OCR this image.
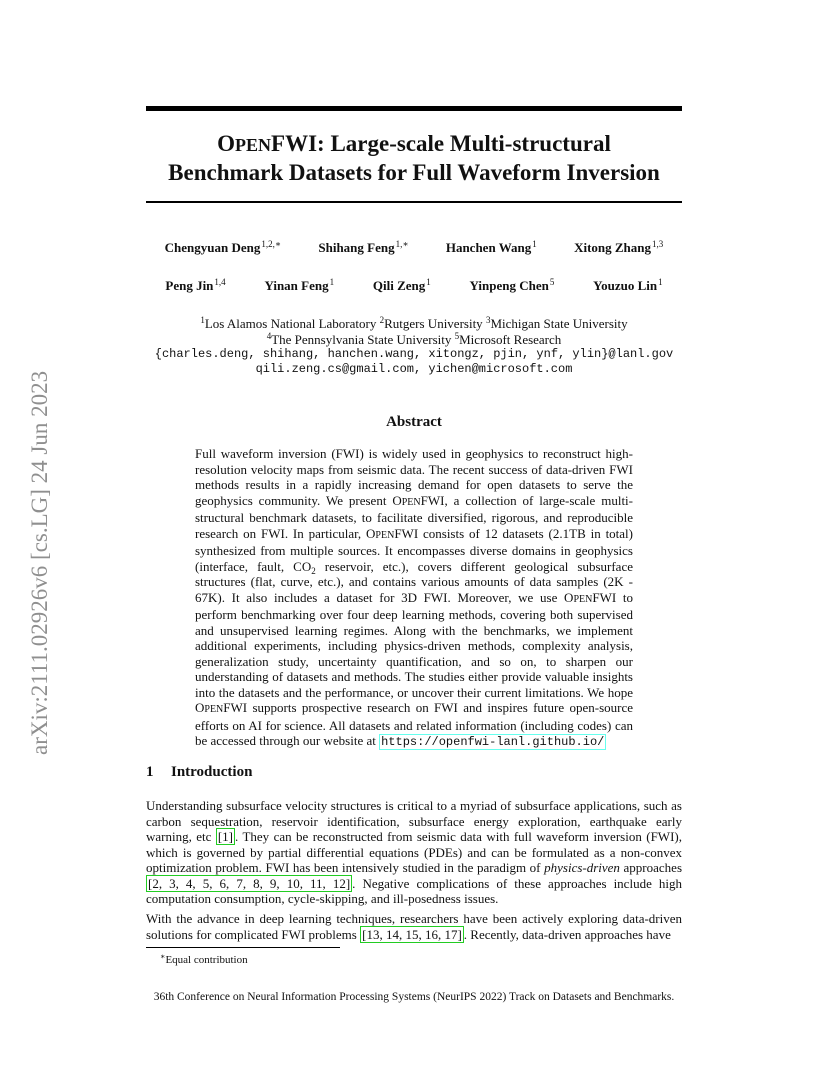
arXiv:2111.02926v6 [cs.LG] 24 Jun 2023
OPENFWI: Large-scale Multi-structural
Benchmark Datasets for Full Waveform Inversion
Chengyuan Deng$^{1,2,∗}$	Shihang Feng$^{1,∗}$	Hanchen Wang$^1$	Xitong Zhang$^{1,3}$
Peng Jin$^{1,4}$	Yinan Feng$^1$	Qili Zeng$^1$	Yinpeng Chen$^5$	Youzuo Lin$^1$
$^1$Los Alamos National Laboratory $^2$Rutgers University $^3$Michigan State University
$^4$The Pennsylvania State University $^5$Microsoft Research
{charles.deng, shihang, hanchen.wang, xitongz, pjin, ynf, ylin}@lanl.gov
qili.zeng.cs@gmail.com, yichen@microsoft.com
Abstract
Full waveform inversion (FWI) is widely used in geophysics to reconstruct high-resolution velocity maps from seismic data. The recent success of data-driven FWI methods results in a rapidly increasing demand for open datasets to serve the geophysics community. We present OPENFWI, a collection of large-scale multi-structural benchmark datasets, to facilitate diversified, rigorous, and reproducible research on FWI. In particular, OPENFWI consists of 12 datasets (2.1TB in total) synthesized from multiple sources. It encompasses diverse domains in geophysics (interface, fault, $CO_2$ reservoir, etc.), covers different geological subsurface structures (flat, curve, etc.), and contains various amounts of data samples (2K - 67K). It also includes a dataset for 3D FWI. Moreover, we use OPENFWI to perform benchmarking over four deep learning methods, covering both supervised and unsupervised learning regimes. Along with the benchmarks, we implement additional experiments, including physics-driven methods, complexity analysis, generalization study, uncertainty quantification, and so on, to sharpen our understanding of datasets and methods. The studies either provide valuable insights into the datasets and the performance, or uncover their current limitations. We hope OPENFWI supports prospective research on FWI and inspires future open-source efforts on AI for science. All datasets and related information (including codes) can be accessed through our website at https://openfwi-lanl.github.io/
1 Introduction
Understanding subsurface velocity structures is critical to a myriad of subsurface applications, such as carbon sequestration, reservoir identification, subsurface energy exploration, earthquake early warning, etc [1] . They can be reconstructed from seismic data with full waveform inversion (FWI), which is governed by partial differential equations (PDEs) and can be formulated as a non-convex optimization problem. FWI has been intensively studied in the paradigm of physics-driven approaches [2, 3, 4, 5, 6, 7, 8, 9, 10, 11, 12] . Negative complications of these approaches include high computation consumption, cycle-skipping, and ill-posedness issues.
With the advance in deep learning techniques, researchers have been actively exploring data-driven solutions for complicated FWI problems [13, 14, 15, 16, 17] . Recently, data-driven approaches have
∗Equal contribution
36th Conference on Neural Information Processing Systems (NeurIPS 2022) Track on Datasets and Benchmarks.
